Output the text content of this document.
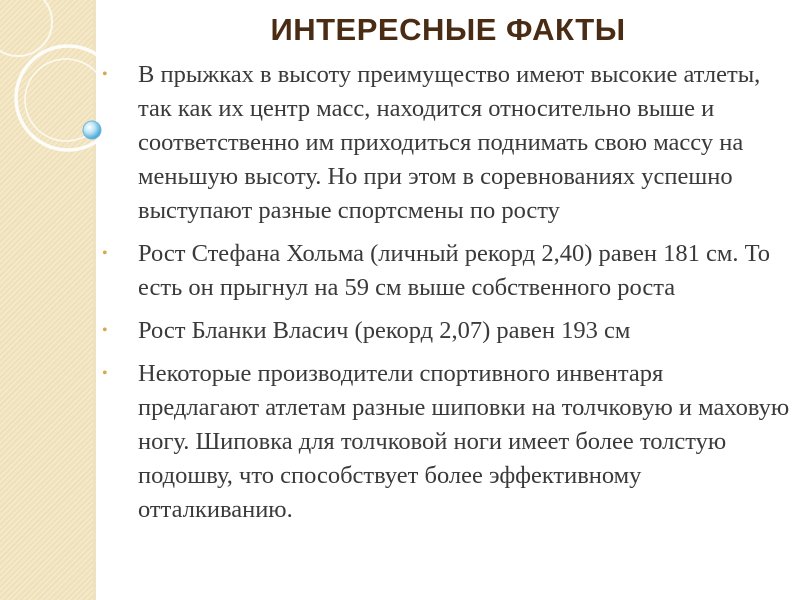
ИНТЕРЕСНЫЕ ФАКТЫ
• В прыжках в высоту преимущество имеют высокие атлеты, так как их центр масс, находится относительно выше и соответственно им приходиться поднимать свою массу на меньшую высоту. Но при этом в соревнованиях успешно выступают разные спортсмены по росту
• Рост Стефана Хольма (личный рекорд 2,40) равен 181 см. То есть он прыгнул на 59 см выше собственного роста
• Рост Бланки Власич (рекорд 2,07) равен 193 см
• Некоторые производители спортивного инвентаря предлагают атлетам разные шиповки на толчковую и маховую ногу. Шиповка для толчковой ноги имеет более толстую подошву, что способствует более эффективному отталкиванию.
